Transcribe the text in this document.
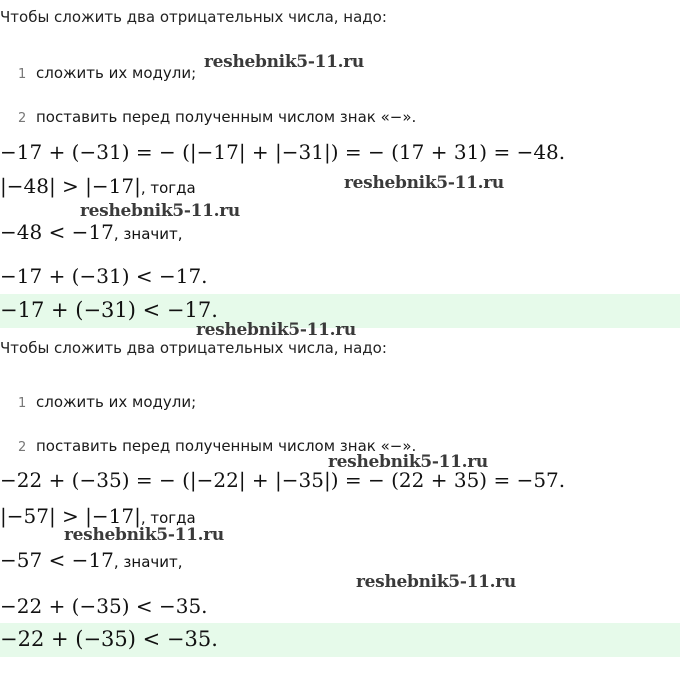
Чтобы сложить два отрицательных числа, надо:
1 сложить их модули;
2 поставить перед полученным числом знак «−».
−17 + (−31) = − (|−17| + |−31|) = − (17 + 31) = −48.
|−48| > |−17|, тогда
−48 < −17, значит,
−17 + (−31) < −17.
−17 + (−31) < −17.
Чтобы сложить два отрицательных числа, надо:
1 сложить их модули;
2 поставить перед полученным числом знак «−».
−22 + (−35) = − (|−22| + |−35|) = − (22 + 35) = −57.
|−57| > |−17|, тогда
−57 < −17, значит,
−22 + (−35) < −35.
−22 + (−35) < −35.
reshebnik5-11.ru
reshebnik5-11.ru
reshebnik5-11.ru
reshebnik5-11.ru
reshebnik5-11.ru
reshebnik5-11.ru
reshebnik5-11.ru
